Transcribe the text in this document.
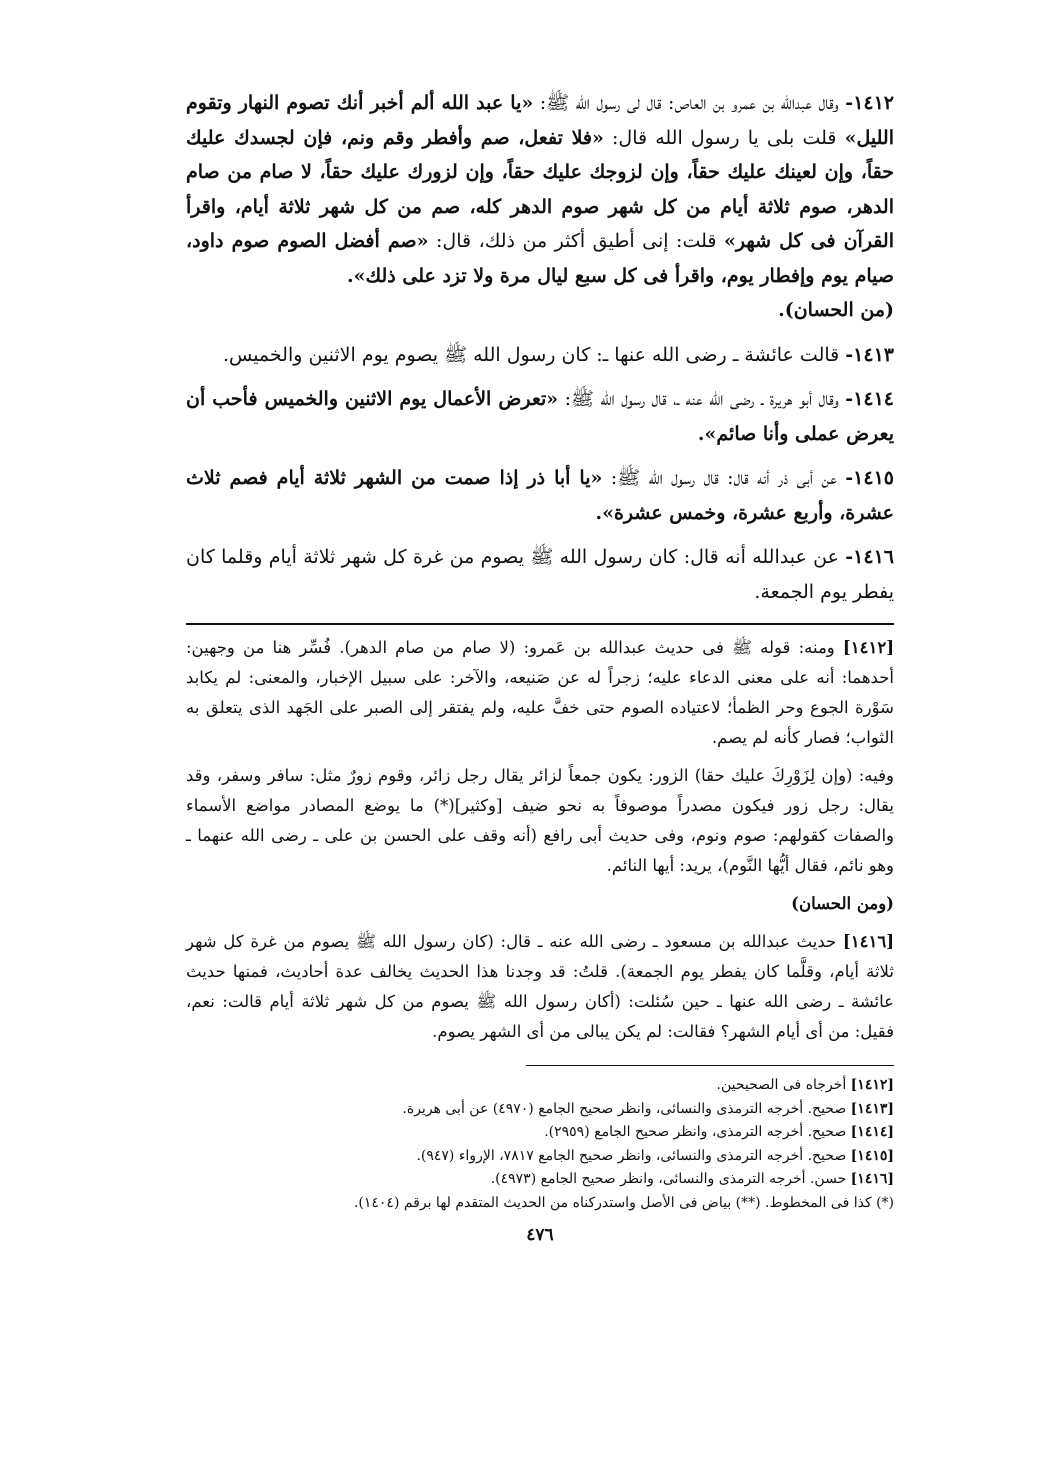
١٤١٢- وقال عبدالله بن عمرو بن العاص: قال لى رسول الله ﷺ: «يا عبد الله ألم أخبر أنك تصوم النهار وتقوم الليل» قلت بلى يا رسول الله قال: «فلا تفعل، صم وأفطر وقم ونم، فإن لجسدك عليك حقاً، وإن لعينك عليك حقاً، وإن لزوجك عليك حقاً، وإن لزورك عليك حقاً، لا صام من صام الدهر، صوم ثلاثة أيام من كل شهر صوم الدهر كله، صم من كل شهر ثلاثة أيام، واقرأ القرآن فى كل شهر» قلت: إنى أطيق أكثر من ذلك، قال: «صم أفضل الصوم صوم داود، صيام يوم وإفطار يوم، واقرأ فى كل سبع ليال مرة ولا تزد على ذلك».

(من الحسان).

١٤١٣- قالت عائشة ـ رضى الله عنها ـ: كان رسول الله ﷺ يصوم يوم الاثنين والخميس.

١٤١٤- وقال أبو هريرة ـ رضى الله عنه ـ، قال رسول الله ﷺ: «تعرض الأعمال يوم الاثنين والخميس فأحب أن يعرض عملى وأنا صائم».

١٤١٥- عن أبى ذر أنه قال: قال رسول الله ﷺ: «يا أبا ذر إذا صمت من الشهر ثلاثة أيام فصم ثلاث عشرة، وأربع عشرة، وخمس عشرة».

١٤١٦- عن عبدالله أنه قال: كان رسول الله ﷺ يصوم من غرة كل شهر ثلاثة أيام وقلما كان يفطر يوم الجمعة.

[١٤١٢] ومنه: قوله ﷺ فى حديث عبدالله بن عَمرو: (لا صام من صام الدهر). فُسِّر هنا من وجهين: أحدهما: أنه على معنى الدعاء عليه؛ زجراً له عن صَنيعه، والآخر: على سبيل الإخبار، والمعنى: لم يكابد سَوْرة الجوع وحر الظمأ؛ لاعتياده الصوم حتى خفَّ عليه، ولم يفتقر إلى الصبر على الجَهد الذى يتعلق به الثواب؛ فصار كأنه لم يصم.

وفيه: (وإن لِزَوْرِكَ عليك حقا) الزور: يكون جمعاً لزائر يقال رجل زائر، وقوم زورٌ مثل: سافر وسفر، وقد يقال: رجل زور فيكون مصدراً موصوفاً به نحو ضيف [وكثير](*) ما يوضع المصادر مواضع الأسماء والصفات كقولهم: صوم ونوم، وفى حديث أبى رافع (أنه وقف على الحسن بن على ـ رضى الله عنهما ـ وهو نائم، فقال أيُّها النَّوم)، يريد: أيها النائم.

(ومن الحسان)

[١٤١٦] حديث عبدالله بن مسعود ـ رضى الله عنه ـ قال: (كان رسول الله ﷺ يصوم من غرة كل شهر ثلاثة أيام، وقلَّما كان يفطر يوم الجمعة). قلتُ: قد وجدنا هذا الحديث يخالف عدة أحاديث، فمنها حديث عائشة ـ رضى الله عنها ـ حين سُئلت: (أكان رسول الله ﷺ يصوم من كل شهر ثلاثة أيام قالت: نعم، فقيل: من أى أيام الشهر؟ فقالت: لم يكن يبالى من أى الشهر يصوم.

[١٤١٢] أخرجاه فى الصحيحين.

[١٤١٣] صحيح. أخرجه الترمذى والنسائى، وانظر صحيح الجامع (٤٩٧٠) عن أبى هريرة.

[١٤١٤] صحيح. أخرجه الترمذى، وانظر صحيح الجامع (٢٩٥٩).

[١٤١٥] صحيح. أخرجه الترمذى والنسائى، وانظر صحيح الجامع ٧٨١٧، الإرواء (٩٤٧).

[١٤١٦] حسن. أخرجه الترمذى والنسائى، وانظر صحيح الجامع (٤٩٧٣).

(*) كذا فى المخطوط. (**) بياض فى الأصل واستدركناه من الحديث المتقدم لها برقم (١٤٠٤).

٤٧٦
